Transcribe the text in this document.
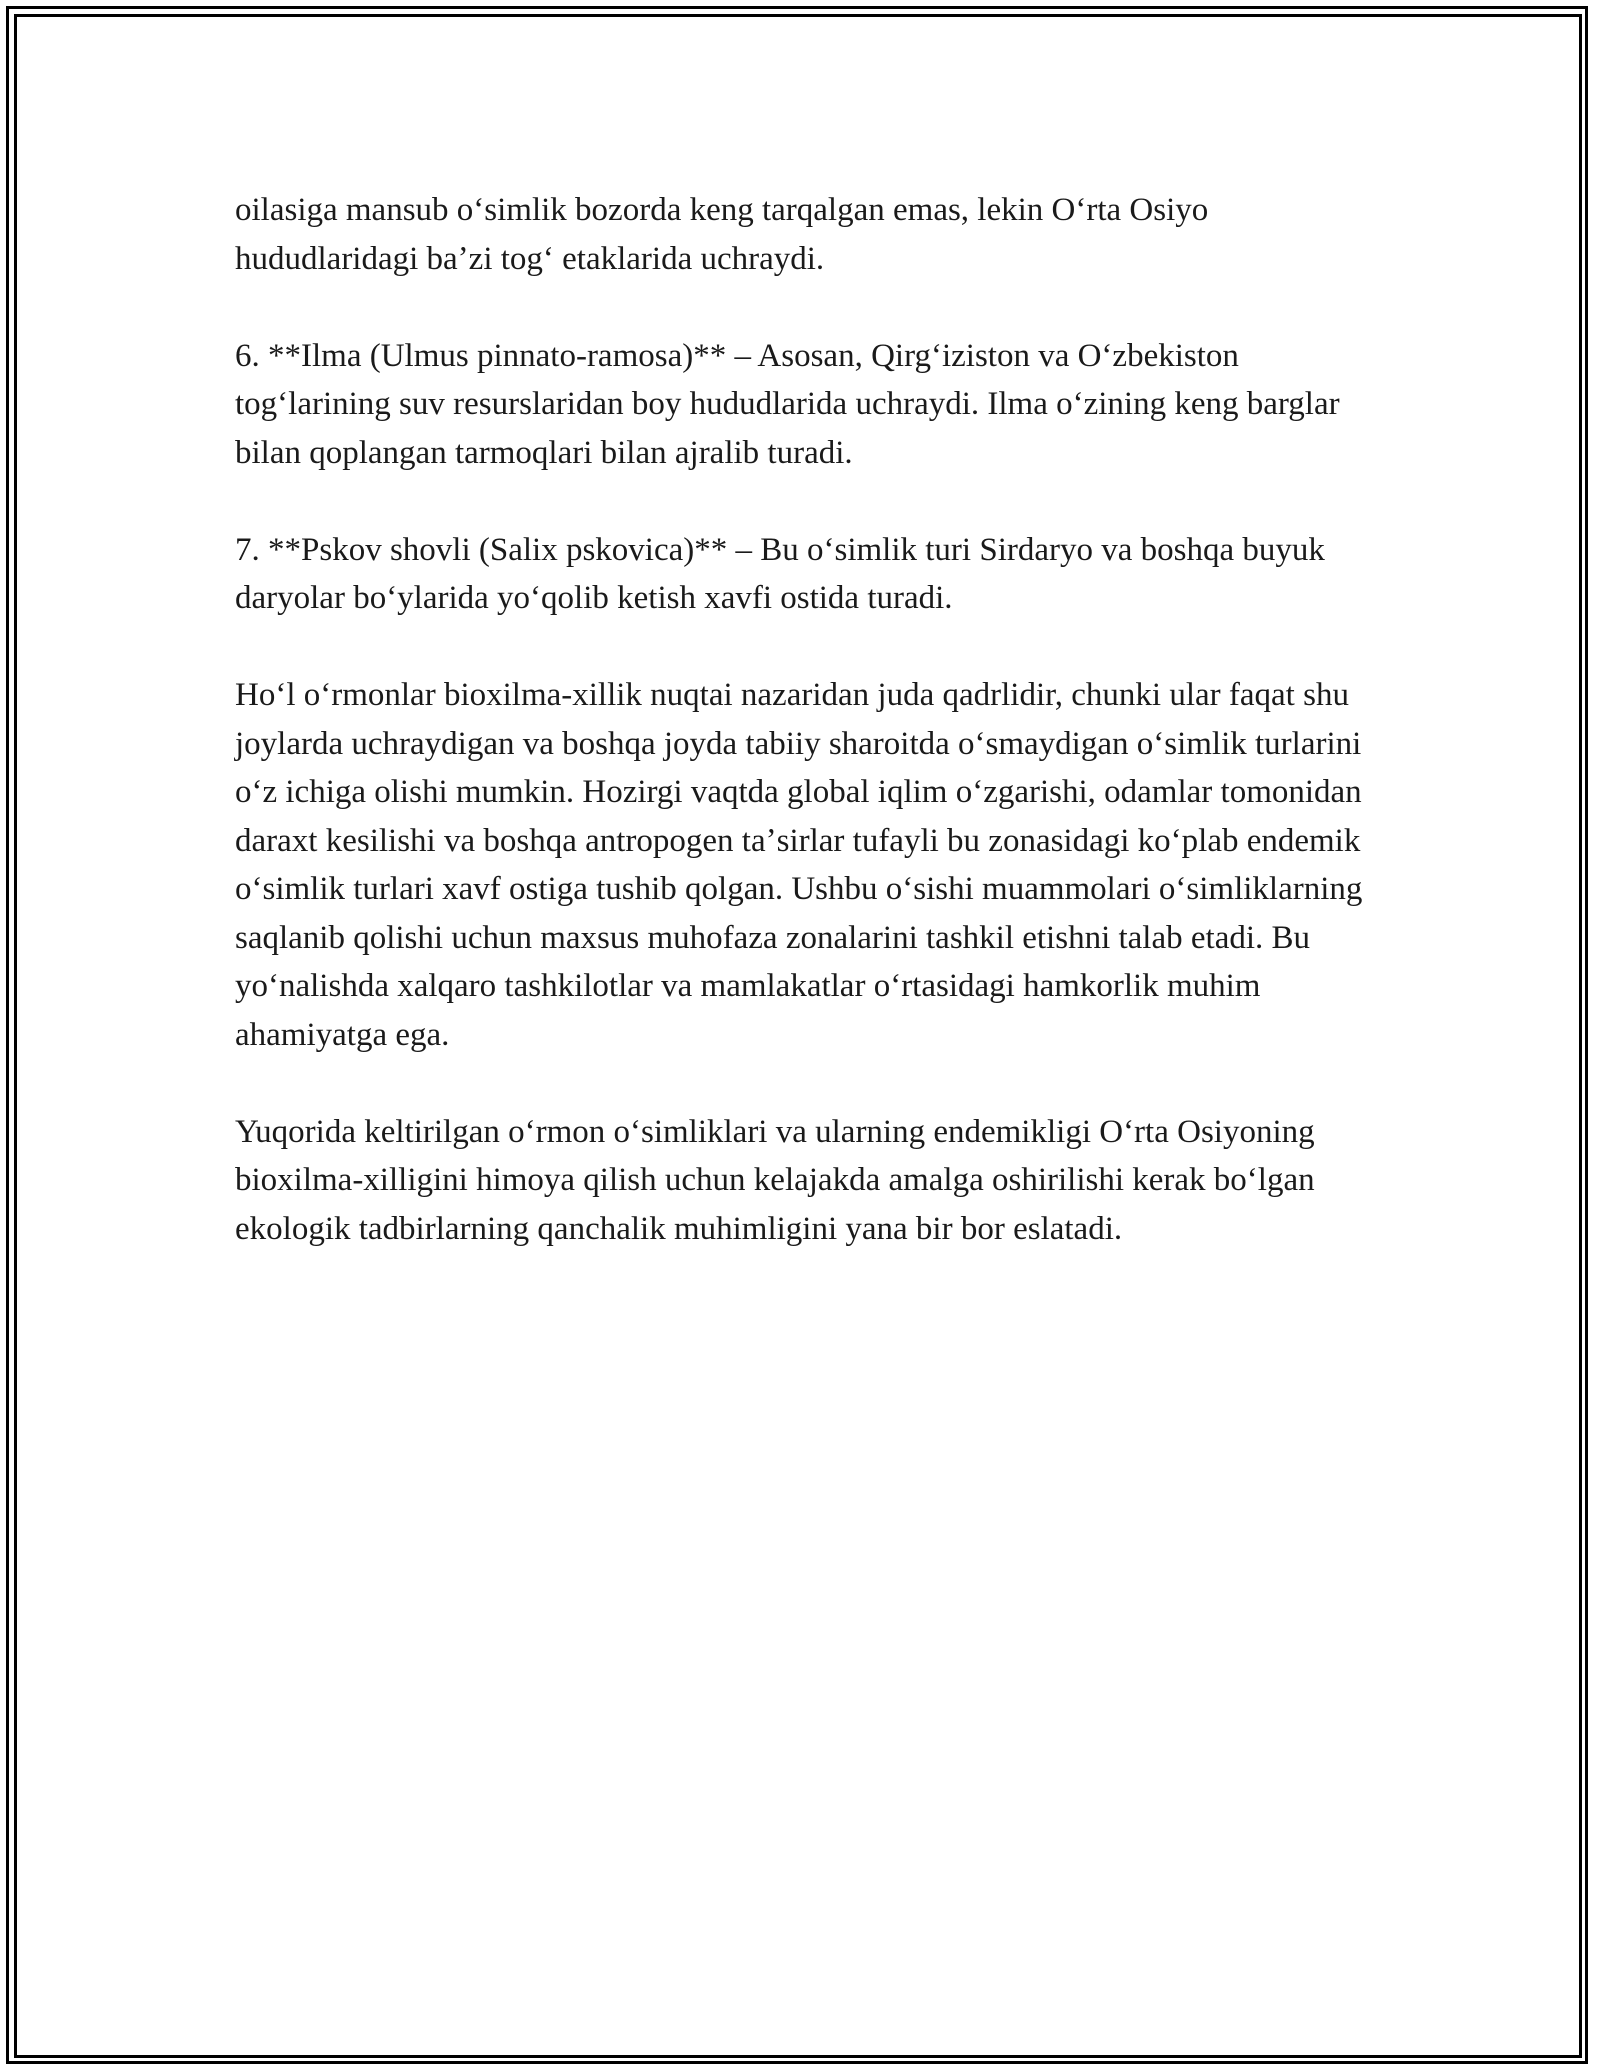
oilasiga mansub oʻsimlik bozorda keng tarqalgan emas, lekin Oʻrta Osiyo hududlaridagi baʼzi togʻ etaklarida uchraydi.

6. **Ilma (Ulmus pinnato-ramosa)** – Asosan, Qirgʻiziston va Oʻzbekiston togʻlarining suv resurslaridan boy hududlarida uchraydi. Ilma oʻzining keng barglar bilan qoplangan tarmoqlari bilan ajralib turadi.

7. **Pskov shovli (Salix pskovica)** – Bu oʻsimlik turi Sirdaryo va boshqa buyuk daryolar boʻylarida yoʻqolib ketish xavfi ostida turadi.

Hoʻl oʻrmonlar bioxilma-xillik nuqtai nazaridan juda qadrlidir, chunki ular faqat shu joylarda uchraydigan va boshqa joyda tabiiy sharoitda oʻsmaydigan oʻsimlik turlarini oʻz ichiga olishi mumkin. Hozirgi vaqtda global iqlim oʻzgarishi, odamlar tomonidan daraxt kesilishi va boshqa antropogen taʼsirlar tufayli bu zonasidagi koʻplab endemik oʻsimlik turlari xavf ostiga tushib qolgan. Ushbu oʻsishi muammolari oʻsimliklarning saqlanib qolishi uchun maxsus muhofaza zonalarini tashkil etishni talab etadi. Bu yoʻnalishda xalqaro tashkilotlar va mamlakatlar oʻrtasidagi hamkorlik muhim ahamiyatga ega.

Yuqorida keltirilgan oʻrmon oʻsimliklari va ularning endemikligi Oʻrta Osiyoning bioxilma-xilligini himoya qilish uchun kelajakda amalga oshirilishi kerak boʻlgan ekologik tadbirlarning qanchalik muhimligini yana bir bor eslatadi.
